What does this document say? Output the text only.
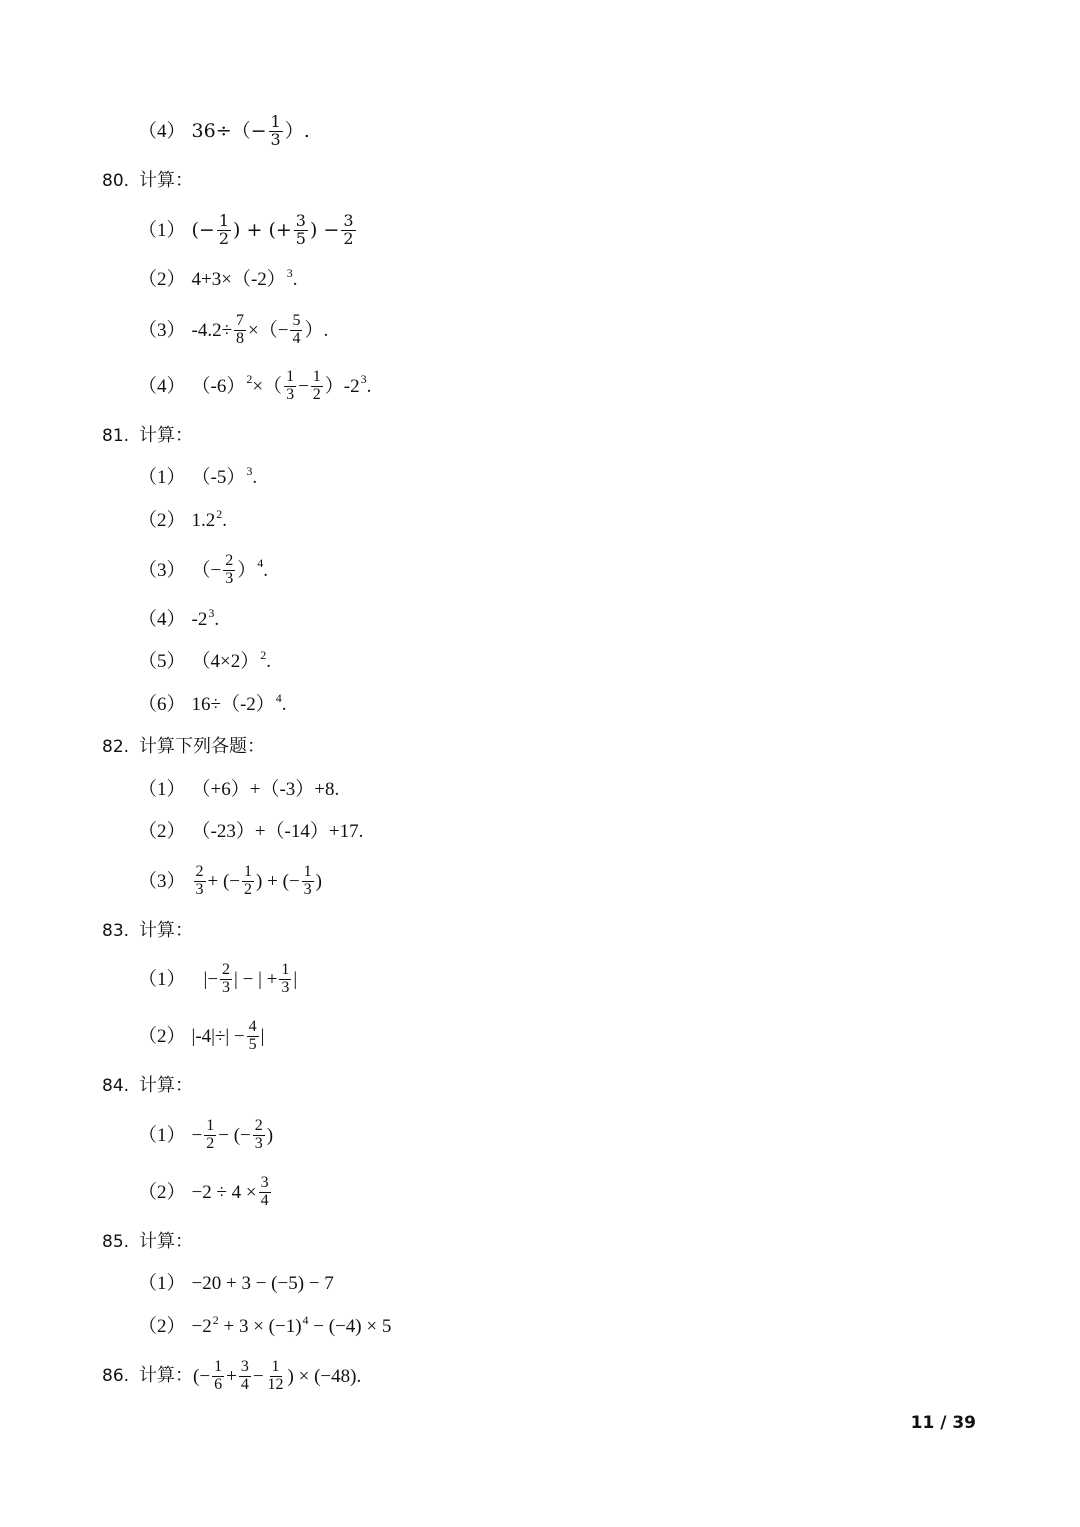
（4） $36\div(- \frac{1}{3}$ ）.
80. 计算：
（1） (− $\frac{1}{2}$ ) + (+ $\frac{3}{5}$ ) − $\frac{3}{2}$
（2） 4+3×（-2） 3 .
（3） $-4.2\div \frac{7}{8}$ ×（− $\frac{5}{4}$ ）.
（4） （-6） 2 ×（ $\frac{1}{3} - \frac{1}{2} )-2$ 3 .
81. 计算：
（1） （-5） 3 .
（2） 1.2 2 .
（3） （− $\frac{2}{3}$ ） 4 .
（4） -2 3 .
（5） （4×2） 2 .
（6） 16÷（-2） 4 .
82. 计算下列各题：
（1） （+6）+（-3）+8.
（2） （-23）+（-14）+17.
$(3) \frac{2}{3}$ + (− $\frac{1}{2}$ ) + (− $\frac{1}{3}$ )
83. 计算：
（1） |− $\frac{2}{3}$ | − | + $\frac{1}{3}$ |
（2） $|-4|\div| - \frac{4}{5}$ |
84. 计算：
$(1) - \frac{1}{2}$ − (− $\frac{2}{3}$ )
$(2) -2 \div 4 \times \frac{3}{4}$
85. 计算：
（1） −20 + 3 − (−5) − 7
（2） −2 2 + 3 × (−1) 4 − (−4) × 5
86. 计算： (− $\frac{1}{6} + \frac{3}{4} - \frac{1}{12}$ ) × (−48).
11 / 39
